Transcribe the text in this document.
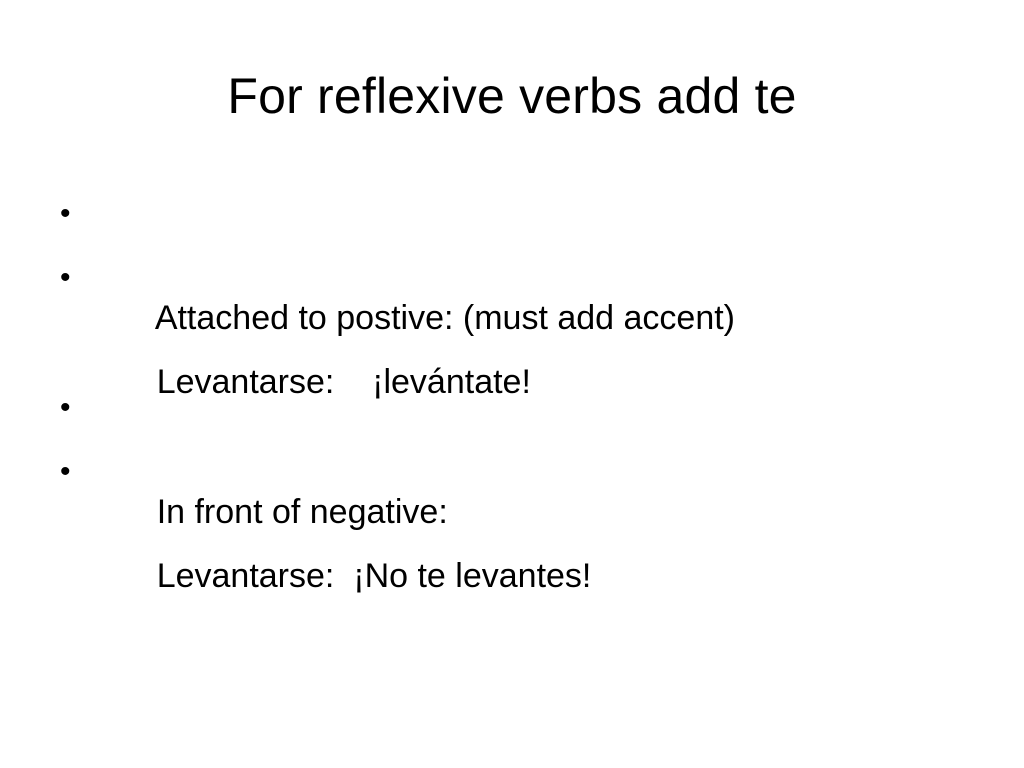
For reflexive verbs add te

•

Attached to postive: (must add accent)

•

Levantarse:    ¡levántate!

•

In front of negative:

•

Levantarse:  ¡No te levantes!
